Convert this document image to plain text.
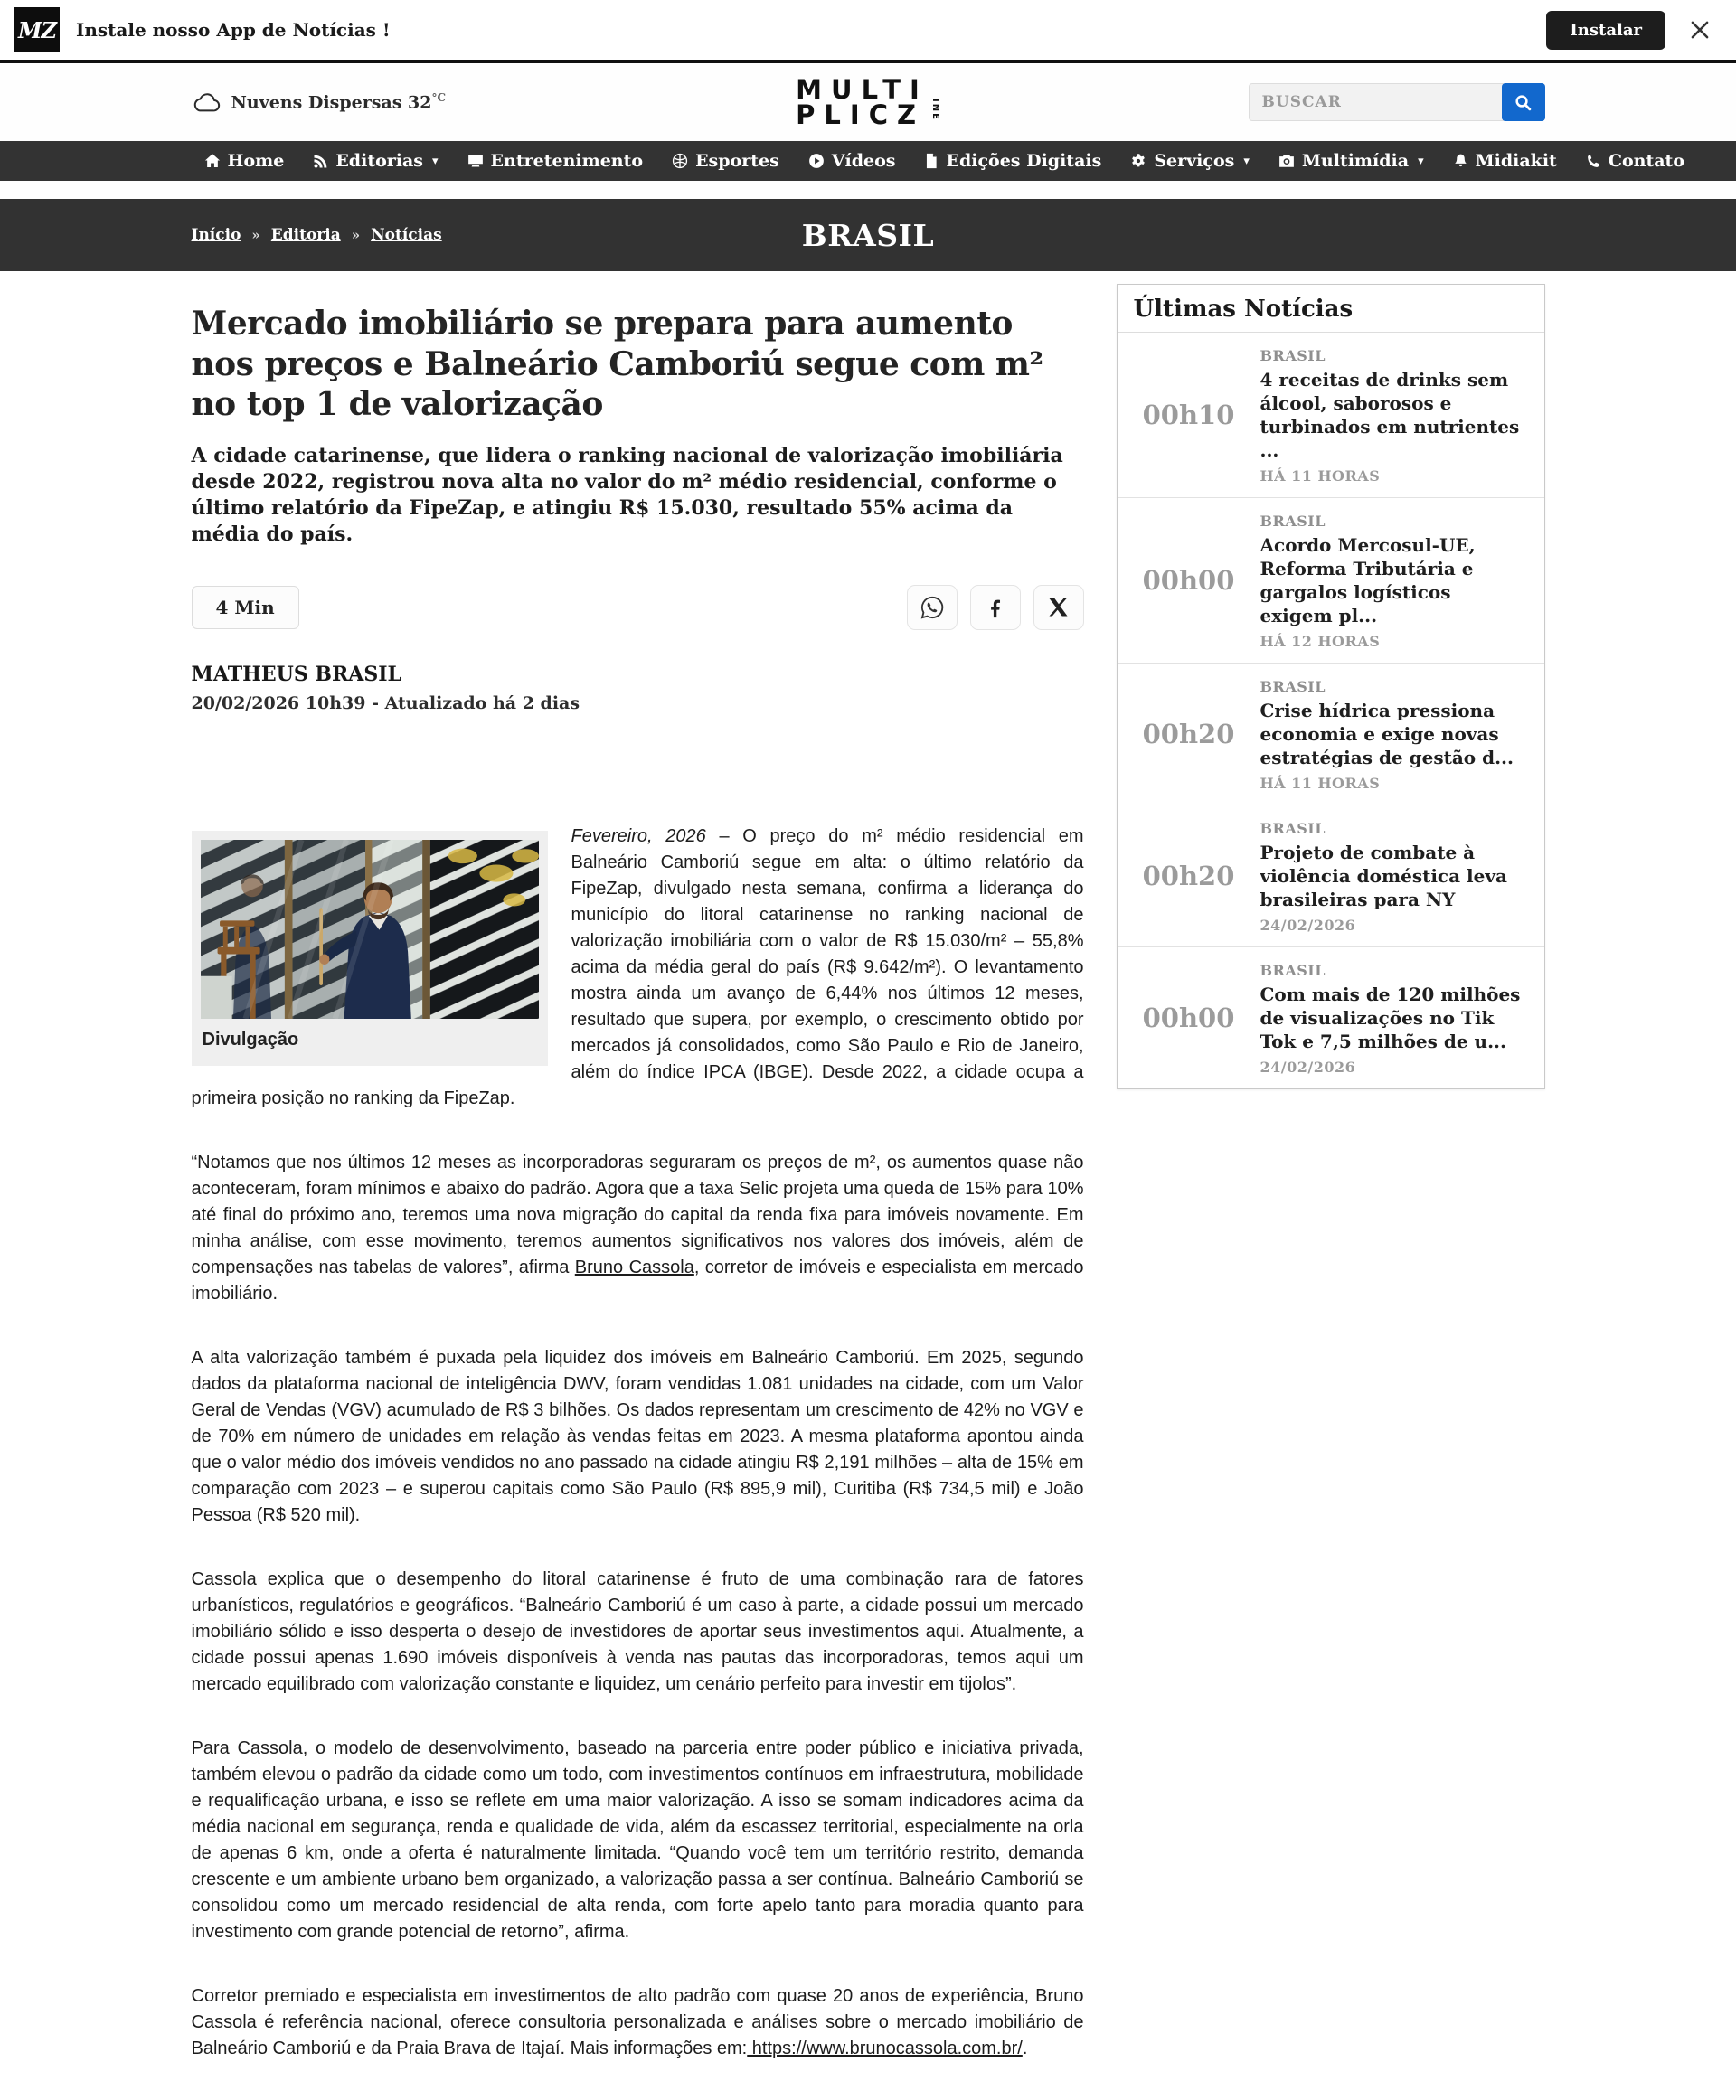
MZ Instale nosso App de Notícias !	Instalar
Nuvens Dispersas $32^{^\circ C}$	MULTI
PLICZ INE
BUSCAR
Home	Editorias ▾	Entretenimento	Esportes	Vídeos	Edições Digitais	Serviços ▾	Multimídia ▾	Midiakit	Contato
Início » Editoria » Notícias	BRASIL
Mercado imobiliário se prepara para aumento nos preços e Balneário Camboriú segue com m² no top 1 de valorização

A cidade catarinense, que lidera o ranking nacional de valorização imobiliária desde 2022, registrou nova alta no valor do m² médio residencial, conforme o último relatório da FipeZap, e atingiu R$ 15.030, resultado 55% acima da média do país.

4 Min
MATHEUS BRASIL
20/02/2026 10h39 - Atualizado há 2 dias
Divulgação

Fevereiro, 2026 – O preço do m² médio residencial em Balneário Camboriú segue em alta: o último relatório da FipeZap, divulgado nesta semana, confirma a liderança do município do litoral catarinense no ranking nacional de valorização imobiliária com o valor de R$ 15.030/m² – 55,8% acima da média geral do país (R$ 9.642/m²). O levantamento mostra ainda um avanço de 6,44% nos últimos 12 meses, resultado que supera, por exemplo, o crescimento obtido por mercados já consolidados, como São Paulo e Rio de Janeiro, além do índice IPCA (IBGE). Desde 2022, a cidade ocupa a primeira posição no ranking da FipeZap.

“Notamos que nos últimos 12 meses as incorporadoras seguraram os preços de m², os aumentos quase não aconteceram, foram mínimos e abaixo do padrão. Agora que a taxa Selic projeta uma queda de 15% para 10% até final do próximo ano, teremos uma nova migração do capital da renda fixa para imóveis novamente. Em minha análise, com esse movimento, teremos aumentos significativos nos valores dos imóveis, além de compensações nas tabelas de valores”, afirma Bruno Cassola, corretor de imóveis e especialista em mercado imobiliário.

A alta valorização também é puxada pela liquidez dos imóveis em Balneário Camboriú. Em 2025, segundo dados da plataforma nacional de inteligência DWV, foram vendidas 1.081 unidades na cidade, com um Valor Geral de Vendas (VGV) acumulado de R$ 3 bilhões. Os dados representam um crescimento de 42% no VGV e de 70% em número de unidades em relação às vendas feitas em 2023. A mesma plataforma apontou ainda que o valor médio dos imóveis vendidos no ano passado na cidade atingiu R$ 2,191 milhões – alta de 15% em comparação com 2023 – e superou capitais como São Paulo (R$ 895,9 mil), Curitiba (R$ 734,5 mil) e João Pessoa (R$ 520 mil).

Cassola explica que o desempenho do litoral catarinense é fruto de uma combinação rara de fatores urbanísticos, regulatórios e geográficos. “Balneário Camboriú é um caso à parte, a cidade possui um mercado imobiliário sólido e isso desperta o desejo de investidores de aportar seus investimentos aqui. Atualmente, a cidade possui apenas 1.690 imóveis disponíveis à venda nas pautas das incorporadoras, temos aqui um mercado equilibrado com valorização constante e liquidez, um cenário perfeito para investir em tijolos”.

Para Cassola, o modelo de desenvolvimento, baseado na parceria entre poder público e iniciativa privada, também elevou o padrão da cidade como um todo, com investimentos contínuos em infraestrutura, mobilidade e requalificação urbana, e isso se reflete em uma maior valorização. A isso se somam indicadores acima da média nacional em segurança, renda e qualidade de vida, além da escassez territorial, especialmente na orla de apenas 6 km, onde a oferta é naturalmente limitada. “Quando você tem um território restrito, demanda crescente e um ambiente urbano bem organizado, a valorização passa a ser contínua. Balneário Camboriú se consolidou como um mercado residencial de alta renda, com forte apelo tanto para moradia quanto para investimento com grande potencial de retorno”, afirma.

Corretor premiado e especialista em investimentos de alto padrão com quase 20 anos de experiência, Bruno Cassola é referência nacional, oferece consultoria personalizada e análises sobre o mercado imobiliário de Balneário Camboriú e da Praia Brava de Itajaí. Mais informações em: https://www.brunocassola.com.br/.

Últimas Notícias
00h10
BRASIL
4 receitas de drinks sem álcool, saborosos e turbinados em nutrientes ...
HÁ 11 HORAS
00h00
BRASIL
Acordo Mercosul-UE, Reforma Tributária e gargalos logísticos exigem pl...
HÁ 12 HORAS
00h20
BRASIL
Crise hídrica pressiona economia e exige novas estratégias de gestão d...
HÁ 11 HORAS
00h20
BRASIL
Projeto de combate à violência doméstica leva brasileiras para NY
24/02/2026
00h00
BRASIL
Com mais de 120 milhões de visualizações no Tik Tok e 7,5 milhões de u...
24/02/2026
